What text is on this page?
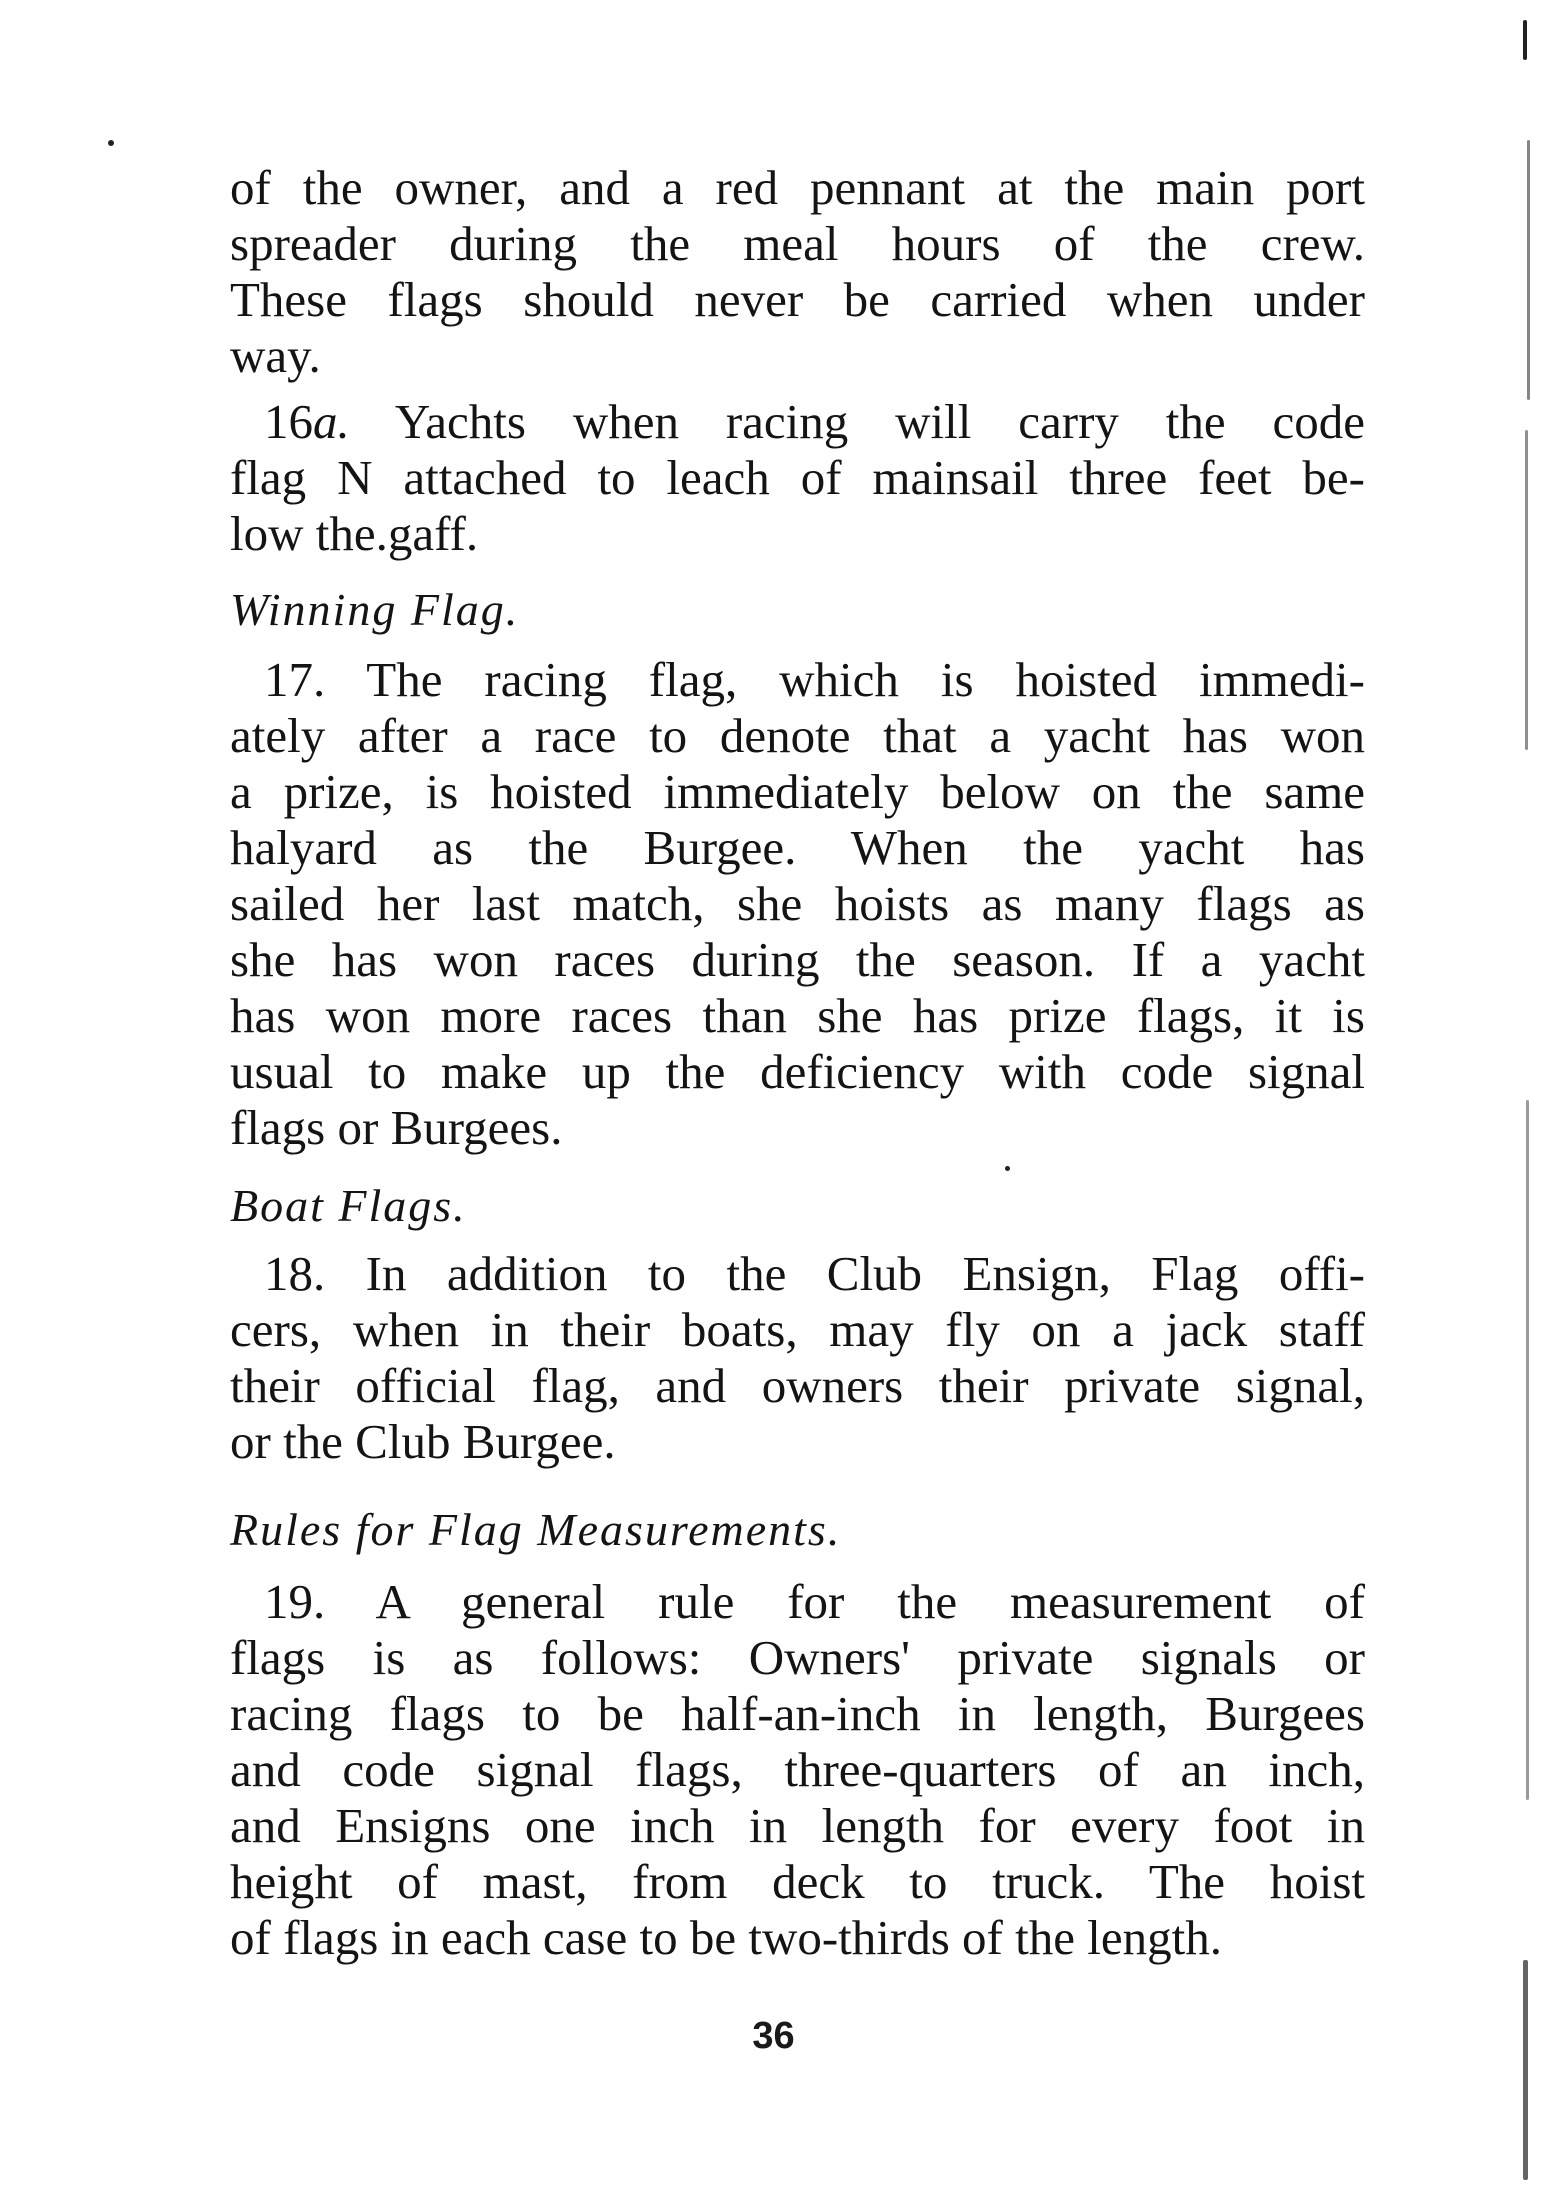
of the owner, and a red pennant at the main port
spreader during the meal hours of the crew.
These flags should never be carried when under
way.
16a. Yachts when racing will carry the code
flag N attached to leach of mainsail three feet be-
low the.gaff.
Winning Flag.
17. The racing flag, which is hoisted immedi-
ately after a race to denote that a yacht has won
a prize, is hoisted immediately below on the same
halyard as the Burgee. When the yacht has
sailed her last match, she hoists as many flags as
she has won races during the season. If a yacht
has won more races than she has prize flags, it is
usual to make up the deficiency with code signal
flags or Burgees.
Boat Flags.
18. In addition to the Club Ensign, Flag offi-
cers, when in their boats, may fly on a jack staff
their official flag, and owners their private signal,
or the Club Burgee.
Rules for Flag Measurements.
19. A general rule for the measurement of
flags is as follows: Owners' private signals or
racing flags to be half-an-inch in length, Burgees
and code signal flags, three-quarters of an inch,
and Ensigns one inch in length for every foot in
height of mast, from deck to truck. The hoist
of flags in each case to be two-thirds of the length.
36
